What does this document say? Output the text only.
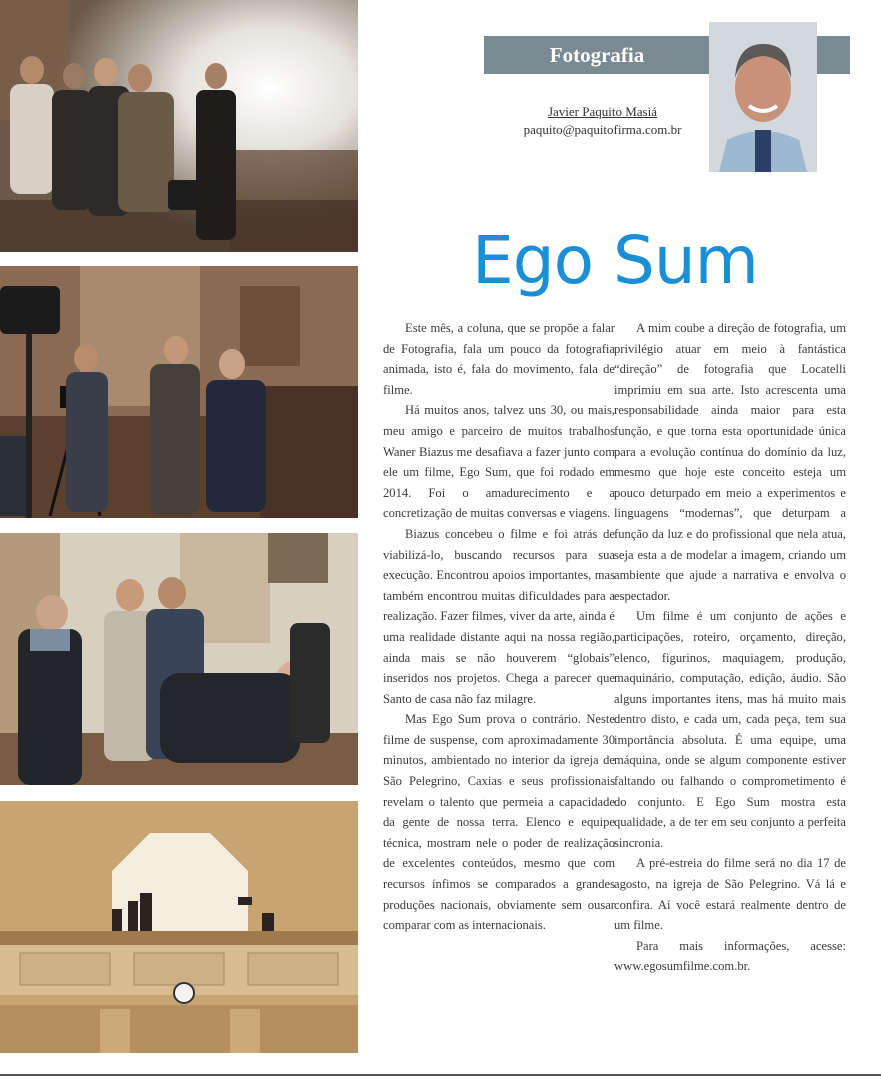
Fotografia
Javier Paquito Masiá
paquito@paquitofirma.com.br
Ego Sum

Este mês, a coluna, que se propõe a falar de Fotografia, fala um pouco da fotografia animada, isto é, fala do movimento, fala de filme.

Há muitos anos, talvez uns 30, ou mais, meu amigo e parceiro de muitos trabalhos Waner Biazus me desafiava a fazer junto com ele um filme, Ego Sum, que foi rodado em 2014. Foi o amadurecimento e a concretização de muitas conversas e viagens.

Biazus concebeu o filme e foi atrás de viabilizá-lo, buscando recursos para sua execução. Encontrou apoios importantes, mas também encontrou muitas dificuldades para a realização. Fazer filmes, viver da arte, ainda é uma realidade distante aqui na nossa região, ainda mais se não houverem “globais” inseridos nos projetos. Chega a parecer que Santo de casa não faz milagre.

Mas Ego Sum prova o contrário. Neste filme de suspense, com aproximadamente 30 minutos, ambientado no interior da igreja de São Pelegrino, Caxias e seus profissionais revelam o talento que permeia a capacidade da gente de nossa terra. Elenco e equipe técnica, mostram nele o poder de realização de excelentes conteúdos, mesmo que com recursos ínfimos se comparados a grandes produções nacionais, obviamente sem ousar comparar com as internacionais.

A mim coube a direção de fotografia, um privilégio atuar em meio à fantástica “direção” de fotografia que Locatelli imprimiu em sua arte. Isto acrescenta uma responsabilidade ainda maior para esta função, e que torna esta oportunidade única para a evolução contínua do domínio da luz, mesmo que hoje este conceito esteja um pouco deturpado em meio a experimentos e linguagens “modernas”, que deturpam a função da luz e do profissional que nela atua, seja esta a de modelar a imagem, criando um ambiente que ajude a narrativa e envolva o espectador.

Um filme é um conjunto de ações e participações, roteiro, orçamento, direção, elenco, figurinos, maquiagem, produção, maquinário, computação, edição, áudio. São alguns importantes itens, mas há muito mais dentro disto, e cada um, cada peça, tem sua importância absoluta. É uma equipe, uma máquina, onde se algum componente estiver faltando ou falhando o comprometimento é do conjunto. E Ego Sum mostra esta qualidade, a de ter em seu conjunto a perfeita sincronia.

A pré-estreia do filme será no dia 17 de agosto, na igreja de São Pelegrino. Vá lá e confira. Aí você estará realmente dentro de um filme.

Para mais informações, acesse: www.egosumfilme.com.br.
